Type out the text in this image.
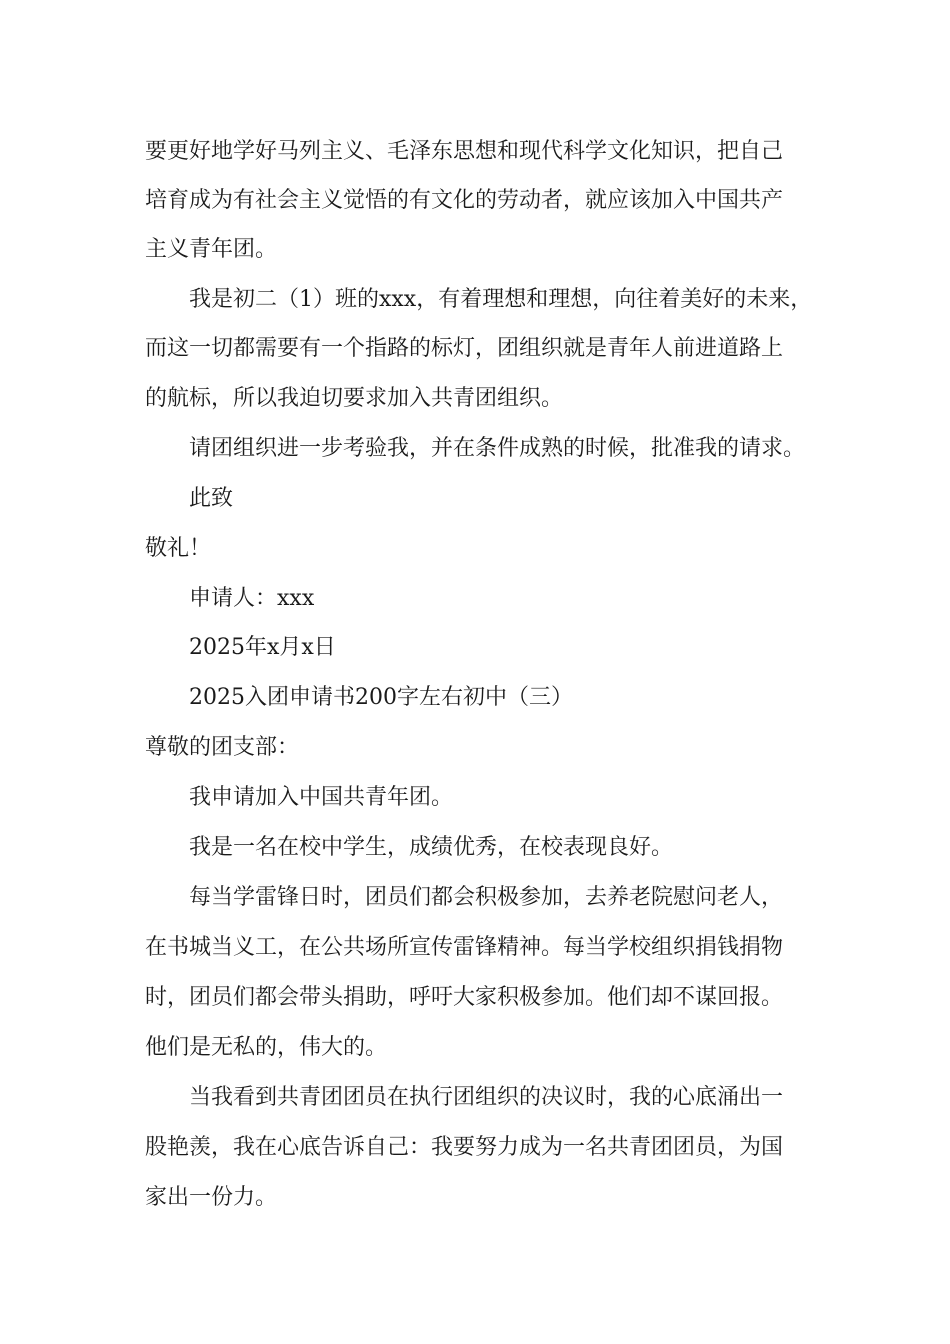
要更好地学好马列主义、毛泽东思想和现代科学文化知识，把自己

培育成为有社会主义觉悟的有文化的劳动者，就应该加入中国共产

主义青年团。

我是初二（1）班的xxx，有着理想和理想，向往着美好的未来，

而这一切都需要有一个指路的标灯，团组织就是青年人前进道路上

的航标，所以我迫切要求加入共青团组织。

请团组织进一步考验我，并在条件成熟的时候，批准我的请求。

此致

敬礼！

申请人：xxx

2025年x月x日

2025入团申请书200字左右初中（三）

尊敬的团支部：

我申请加入中国共青年团。

我是一名在校中学生，成绩优秀，在校表现良好。

每当学雷锋日时，团员们都会积极参加，去养老院慰问老人，

在书城当义工，在公共场所宣传雷锋精神。每当学校组织捐钱捐物

时，团员们都会带头捐助，呼吁大家积极参加。他们却不谋回报。

他们是无私的，伟大的。

当我看到共青团团员在执行团组织的决议时，我的心底涌出一

股艳羡，我在心底告诉自己：我要努力成为一名共青团团员，为国

家出一份力。
